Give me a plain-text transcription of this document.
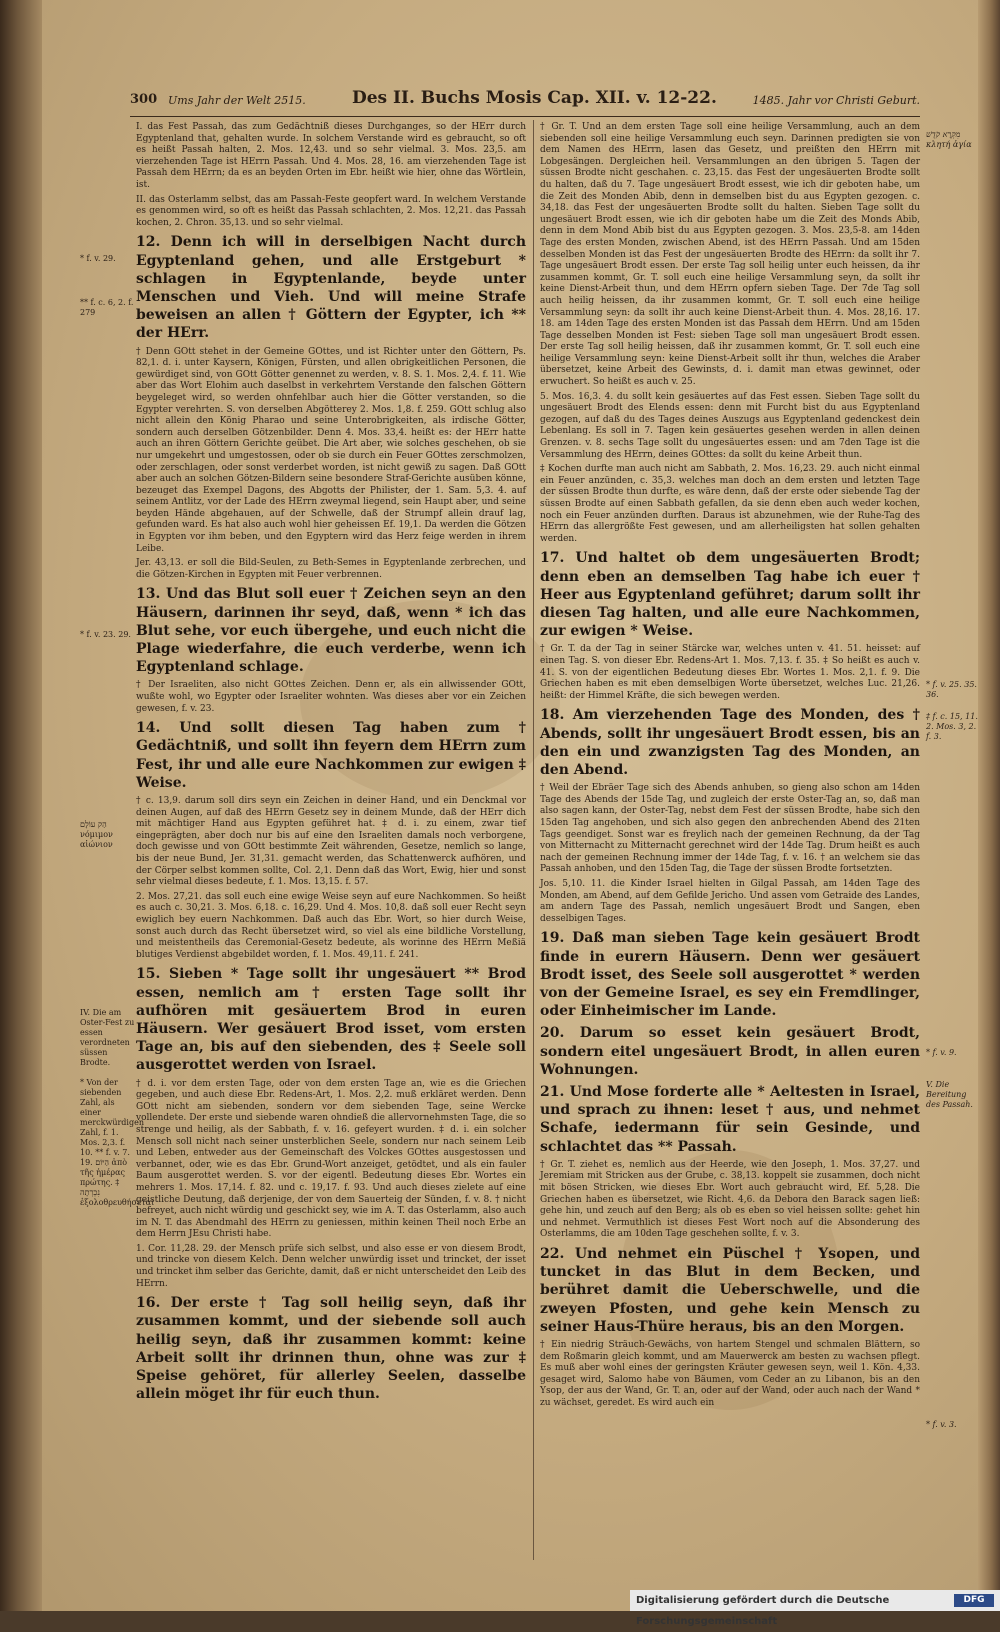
300 Ums Jahr der Welt 2515.	Des II. Buchs Mosis Cap. XII. v. 12-22.	1485. Jahr vor Christi Geburt.

I. das Fest Passah, das zum Gedächtniß dieses Durchganges, so der HErr durch Egyptenland that, gehalten wurde. In solchem Verstande wird es gebraucht, so oft es heißt Passah halten, 2. Mos. 12,43. und so sehr vielmal. 3. Mos. 23,5. am vierzehenden Tage ist HErrn Passah. Und 4. Mos. 28, 16. am vierzehenden Tage ist Passah dem HErrn; da es an beyden Orten im Ebr. heißt wie hier, ohne das Wörtlein, ist.

II. das Osterlamm selbst, das am Passah-Feste geopfert ward. In welchem Verstande es genommen wird, so oft es heißt das Passah schlachten, 2. Mos. 12,21. das Passah kochen, 2. Chron. 35,13. und so sehr vielmal.

12. Denn ich will in derselbigen Nacht durch Egyptenland gehen, und alle Erstgeburt * schlagen in Egyptenlande, beyde unter Menschen und Vieh. Und will meine Strafe beweisen an allen † Göttern der Egypter, ich ** der HErr.

† Denn GOtt stehet in der Gemeine GOttes, und ist Richter unter den Göttern, Ps. 82,1. d. i. unter Kaysern, Königen, Fürsten, und allen obrigkeitlichen Personen, die gewürdiget sind, von GOtt Götter genennet zu werden, v. 8. S. 1. Mos. 2,4. f. 11. Wie aber das Wort Elohim auch daselbst in verkehrtem Verstande den falschen Göttern beygeleget wird, so werden ohnfehlbar auch hier die Götter verstanden, so die Egypter verehrten. S. von derselben Abgötterey 2. Mos. 1,8. f. 259. GOtt schlug also nicht allein den König Pharao und seine Unterobrigkeiten, als irdische Götter, sondern auch derselben Götzenbilder. Denn 4. Mos. 33,4. heißt es: der HErr hatte auch an ihren Göttern Gerichte geübet. Die Art aber, wie solches geschehen, ob sie nur umgekehrt und umgestossen, oder ob sie durch ein Feuer GOttes zerschmolzen, oder zerschlagen, oder sonst verderbet worden, ist nicht gewiß zu sagen. Daß GOtt aber auch an solchen Götzen-Bildern seine besondere Straf-Gerichte ausüben könne, bezeuget das Exempel Dagons, des Abgotts der Philister, der 1. Sam. 5,3. 4. auf seinem Antlitz, vor der Lade des HErrn zweymal liegend, sein Haupt aber, und seine beyden Hände abgehauen, auf der Schwelle, daß der Strumpf allein drauf lag, gefunden ward. Es hat also auch wohl hier geheissen Ef. 19,1. Da werden die Götzen in Egypten vor ihm beben, und den Egyptern wird das Herz feige werden in ihrem Leibe.

Jer. 43,13. er soll die Bild-Seulen, zu Beth-Semes in Egyptenlande zerbrechen, und die Götzen-Kirchen in Egypten mit Feuer verbrennen.

13. Und das Blut soll euer † Zeichen seyn an den Häusern, darinnen ihr seyd, daß, wenn * ich das Blut sehe, vor euch übergehe, und euch nicht die Plage wiederfahre, die euch verderbe, wenn ich Egyptenland schlage.

† Der Israeliten, also nicht GOttes Zeichen. Denn er, als ein allwissender GOtt, wußte wohl, wo Egypter oder Israeliter wohnten. Was dieses aber vor ein Zeichen gewesen, f. v. 23.

14. Und sollt diesen Tag haben zum † Gedächtniß, und sollt ihn feyern dem HErrn zum Fest, ihr und alle eure Nachkommen zur ewigen ‡ Weise.

† c. 13,9. darum soll dirs seyn ein Zeichen in deiner Hand, und ein Denckmal vor deinen Augen, auf daß des HErrn Gesetz sey in deinem Munde, daß der HErr dich mit mächtiger Hand aus Egypten geführet hat. ‡ d. i. zu einem, zwar tief eingeprägten, aber doch nur bis auf eine den Israeliten damals noch verborgene, doch gewisse und von GOtt bestimmte Zeit währenden, Gesetze, nemlich so lange, bis der neue Bund, Jer. 31,31. gemacht werden, das Schattenwerck aufhören, und der Cörper selbst kommen sollte, Col. 2,1. Denn daß das Wort, Ewig, hier und sonst sehr vielmal dieses bedeute, f. 1. Mos. 13,15. f. 57.

2. Mos. 27,21. das soll euch eine ewige Weise seyn auf eure Nachkommen. So heißt es auch c. 30,21. 3. Mos. 6,18. c. 16,29. Und 4. Mos. 10,8. daß soll euer Recht seyn ewiglich bey euern Nachkommen. Daß auch das Ebr. Wort, so hier durch Weise, sonst auch durch das Recht übersetzet wird, so viel als eine bildliche Vorstellung, und meistentheils das Ceremonial-Gesetz bedeute, als worinne des HErrn Meßiä blutiges Verdienst abgebildet worden, f. 1. Mos. 49,11. f. 241.

15. Sieben * Tage sollt ihr ungesäuert ** Brod essen, nemlich am † ersten Tage sollt ihr aufhören mit gesäuertem Brod in euren Häusern. Wer gesäuert Brod isset, vom ersten Tage an, bis auf den siebenden, des ‡ Seele soll ausgerottet werden von Israel.

† d. i. vor dem ersten Tage, oder von dem ersten Tage an, wie es die Griechen gegeben, und auch diese Ebr. Redens-Art, 1. Mos. 2,2. muß erkläret werden. Denn GOtt nicht am siebenden, sondern vor dem siebenden Tage, seine Wercke vollendete. Der erste und siebende waren ohndieß die allervornehmsten Tage, die so strenge und heilig, als der Sabbath, f. v. 16. gefeyert wurden. ‡ d. i. ein solcher Mensch soll nicht nach seiner unsterblichen Seele, sondern nur nach seinem Leib und Leben, entweder aus der Gemeinschaft des Volckes GOttes ausgestossen und verbannet, oder, wie es das Ebr. Grund-Wort anzeiget, getödtet, und als ein fauler Baum ausgerottet werden. S. vor der eigentl. Bedeutung dieses Ebr. Wortes ein mehrers 1. Mos. 17,14. f. 82. und c. 19,17. f. 93. Und auch dieses zielete auf eine geistliche Deutung, daß derjenige, der von dem Sauerteig der Sünden, f. v. 8. † nicht befreyet, auch nicht würdig und geschickt sey, wie im A. T. das Osterlamm, also auch im N. T. das Abendmahl des HErrn zu geniessen, mithin keinen Theil noch Erbe an dem Herrn JEsu Christi habe.

1. Cor. 11,28. 29. der Mensch prüfe sich selbst, und also esse er von diesem Brodt, und trincke von diesem Kelch. Denn welcher unwürdig isset und trincket, der isset und trincket ihm selber das Gerichte, damit, daß er nicht unterscheidet den Leib des HErrn.

16. Der erste † Tag soll heilig seyn, daß ihr zusammen kommt, und der siebende soll auch heilig seyn, daß ihr zusammen kommt: keine Arbeit sollt ihr drinnen thun, ohne was zur ‡ Speise gehöret, für allerley Seelen, dasselbe allein möget ihr für euch thun.

† Gr. T. Und an dem ersten Tage soll eine heilige Versammlung, auch an dem siebenden soll eine heilige Versammlung euch seyn. Darinnen predigten sie von dem Namen des HErrn, lasen das Gesetz, und preißten den HErrn mit Lobgesängen. Dergleichen heil. Versammlungen an den übrigen 5. Tagen der süssen Brodte nicht geschahen. c. 23,15. das Fest der ungesäuerten Brodte sollt du halten, daß du 7. Tage ungesäuert Brodt essest, wie ich dir geboten habe, um die Zeit des Monden Abib, denn in demselben bist du aus Egypten gezogen. c. 34,18. das Fest der ungesäuerten Brodte sollt du halten. Sieben Tage sollt du ungesäuert Brodt essen, wie ich dir geboten habe um die Zeit des Monds Abib, denn in dem Mond Abib bist du aus Egypten gezogen. 3. Mos. 23,5-8. am 14den Tage des ersten Monden, zwischen Abend, ist des HErrn Passah. Und am 15den desselben Monden ist das Fest der ungesäuerten Brodte des HErrn: da sollt ihr 7. Tage ungesäuert Brodt essen. Der erste Tag soll heilig unter euch heissen, da ihr zusammen kommt, Gr. T. soll euch eine heilige Versammlung seyn, da sollt ihr keine Dienst-Arbeit thun, und dem HErrn opfern sieben Tage. Der 7de Tag soll auch heilig heissen, da ihr zusammen kommt, Gr. T. soll euch eine heilige Versammlung seyn: da sollt ihr auch keine Dienst-Arbeit thun. 4. Mos. 28,16. 17. 18. am 14den Tage des ersten Monden ist das Passah dem HErrn. Und am 15den Tage desselben Monden ist Fest: sieben Tage soll man ungesäuert Brodt essen. Der erste Tag soll heilig heissen, daß ihr zusammen kommt, Gr. T. soll euch eine heilige Versammlung seyn: keine Dienst-Arbeit sollt ihr thun, welches die Araber übersetzet, keine Arbeit des Gewinsts, d. i. damit man etwas gewinnet, oder erwuchert. So heißt es auch v. 25.

5. Mos. 16,3. 4. du sollt kein gesäuertes auf das Fest essen. Sieben Tage sollt du ungesäuert Brodt des Elends essen: denn mit Furcht bist du aus Egyptenland gezogen, auf daß du des Tages deines Auszugs aus Egyptenland gedenckest dein Lebenlang. Es soll in 7. Tagen kein gesäuertes gesehen werden in allen deinen Grenzen. v. 8. sechs Tage sollt du ungesäuertes essen: und am 7den Tage ist die Versammlung des HErrn, deines GOttes: da sollt du keine Arbeit thun.

‡ Kochen durfte man auch nicht am Sabbath, 2. Mos. 16,23. 29. auch nicht einmal ein Feuer anzünden, c. 35,3. welches man doch an dem ersten und letzten Tage der süssen Brodte thun durfte, es wäre denn, daß der erste oder siebende Tag der süssen Brodte auf einen Sabbath gefallen, da sie denn eben auch weder kochen, noch ein Feuer anzünden durften. Daraus ist abzunehmen, wie der Ruhe-Tag des HErrn das allergrößte Fest gewesen, und am allerheiligsten hat sollen gehalten werden.

17. Und haltet ob dem ungesäuerten Brodt; denn eben an demselben Tag habe ich euer † Heer aus Egyptenland geführet; darum sollt ihr diesen Tag halten, und alle eure Nachkommen, zur ewigen * Weise.

† Gr. T. da der Tag in seiner Stärcke war, welches unten v. 41. 51. heisset: auf einen Tag. S. von dieser Ebr. Redens-Art 1. Mos. 7,13. f. 35. ‡ So heißt es auch v. 41. S. von der eigentlichen Bedeutung dieses Ebr. Wortes 1. Mos. 2,1. f. 9. Die Griechen haben es mit eben demselbigen Worte übersetzet, welches Luc. 21,26. heißt: der Himmel Kräfte, die sich bewegen werden.

18. Am vierzehenden Tage des Monden, des † Abends, sollt ihr ungesäuert Brodt essen, bis an den ein und zwanzigsten Tag des Monden, an den Abend.

† Weil der Ebräer Tage sich des Abends anhuben, so gieng also schon am 14den Tage des Abends der 15de Tag, und zugleich der erste Oster-Tag an, so, daß man also sagen kann, der Oster-Tag, nebst dem Fest der süssen Brodte, habe sich den 15den Tag angehoben, und sich also gegen den anbrechenden Abend des 21ten Tags geendiget. Sonst war es freylich nach der gemeinen Rechnung, da der Tag von Mitternacht zu Mitternacht gerechnet wird der 14de Tag. Drum heißt es auch nach der gemeinen Rechnung immer der 14de Tag, f. v. 16. † an welchem sie das Passah anhoben, und den 15den Tag, die Tage der süssen Brodte fortsetzten.

Jos. 5,10. 11. die Kinder Israel hielten in Gilgal Passah, am 14den Tage des Monden, am Abend, auf dem Gefilde Jericho. Und assen vom Getraide des Landes, am andern Tage des Passah, nemlich ungesäuert Brodt und Sangen, eben desselbigen Tages.

19. Daß man sieben Tage kein gesäuert Brodt finde in eurern Häusern. Denn wer gesäuert Brodt isset, des Seele soll ausgerottet * werden von der Gemeine Israel, es sey ein Fremdlinger, oder Einheimischer im Lande.

20. Darum so esset kein gesäuert Brodt, sondern eitel ungesäuert Brodt, in allen euren Wohnungen.

21. Und Mose forderte alle * Aeltesten in Israel, und sprach zu ihnen: leset † aus, und nehmet Schafe, iedermann für sein Gesinde, und schlachtet das ** Passah.

† Gr. T. ziehet es, nemlich aus der Heerde, wie den Joseph, 1. Mos. 37,27. und Jeremiam mit Stricken aus der Grube, c. 38,13. koppelt sie zusammen, doch nicht mit bösen Stricken, wie dieses Ebr. Wort auch gebraucht wird, Ef. 5,28. Die Griechen haben es übersetzet, wie Richt. 4,6. da Debora den Barack sagen ließ: gehe hin, und zeuch auf den Berg; als ob es eben so viel heissen sollte: gehet hin und nehmet. Vermuthlich ist dieses Fest Wort noch auf die Absonderung des Osterlamms, die am 10den Tage geschehen sollte, f. v. 3.

22. Und nehmet ein Püschel † Ysopen, und tuncket in das Blut in dem Becken, und berühret damit die Ueberschwelle, und die zweyen Pfosten, und gehe kein Mensch zu seiner Haus-Thüre heraus, bis an den Morgen.

† Ein niedrig Sträuch-Gewächs, von hartem Stengel und schmalen Blättern, so dem Roßmarin gleich kommt, und am Mauerwerck am besten zu wachsen pflegt. Es muß aber wohl eines der geringsten Kräuter gewesen seyn, weil 1. Kön. 4,33. gesaget wird, Salomo habe von Bäumen, vom Ceder an zu Libanon, bis an den Ysop, der aus der Wand, Gr. T. an, oder auf der Wand, oder auch nach der Wand * zu wächset, geredet. Es wird auch ein

* f. v. 29.
** f. c. 6, 2. f. 279
* f. v. 23. 29.
הַק עוֹלָם νόμιμον αἰώνιον
IV. Die am Oster-Fest zu essen verordneten süssen Brodte.
* Von der siebenden Zahl, als einer merckwürdigen Zahl, f. 1. Mos. 2,3. f. 10. ** f. v. 7. 19. הַיּוֹם ἀπὸ τῆς ἡμέρας πρώτης. ‡ נִכְרְתָה ἐξολοθρευθήσεται
מִקְרָא קֹדֶשׁ κλητή ἁγία
* f. v. 25. 35. 36.
‡ f. c. 15, 11. 2. Mos. 3, 2. f. 3.
* f. v. 9.
V. Die Bereitung des Passah.
* f. v. 3.
Digitalisierung gefördert durch die Deutsche Forschungsgemeinschaft
DFG
